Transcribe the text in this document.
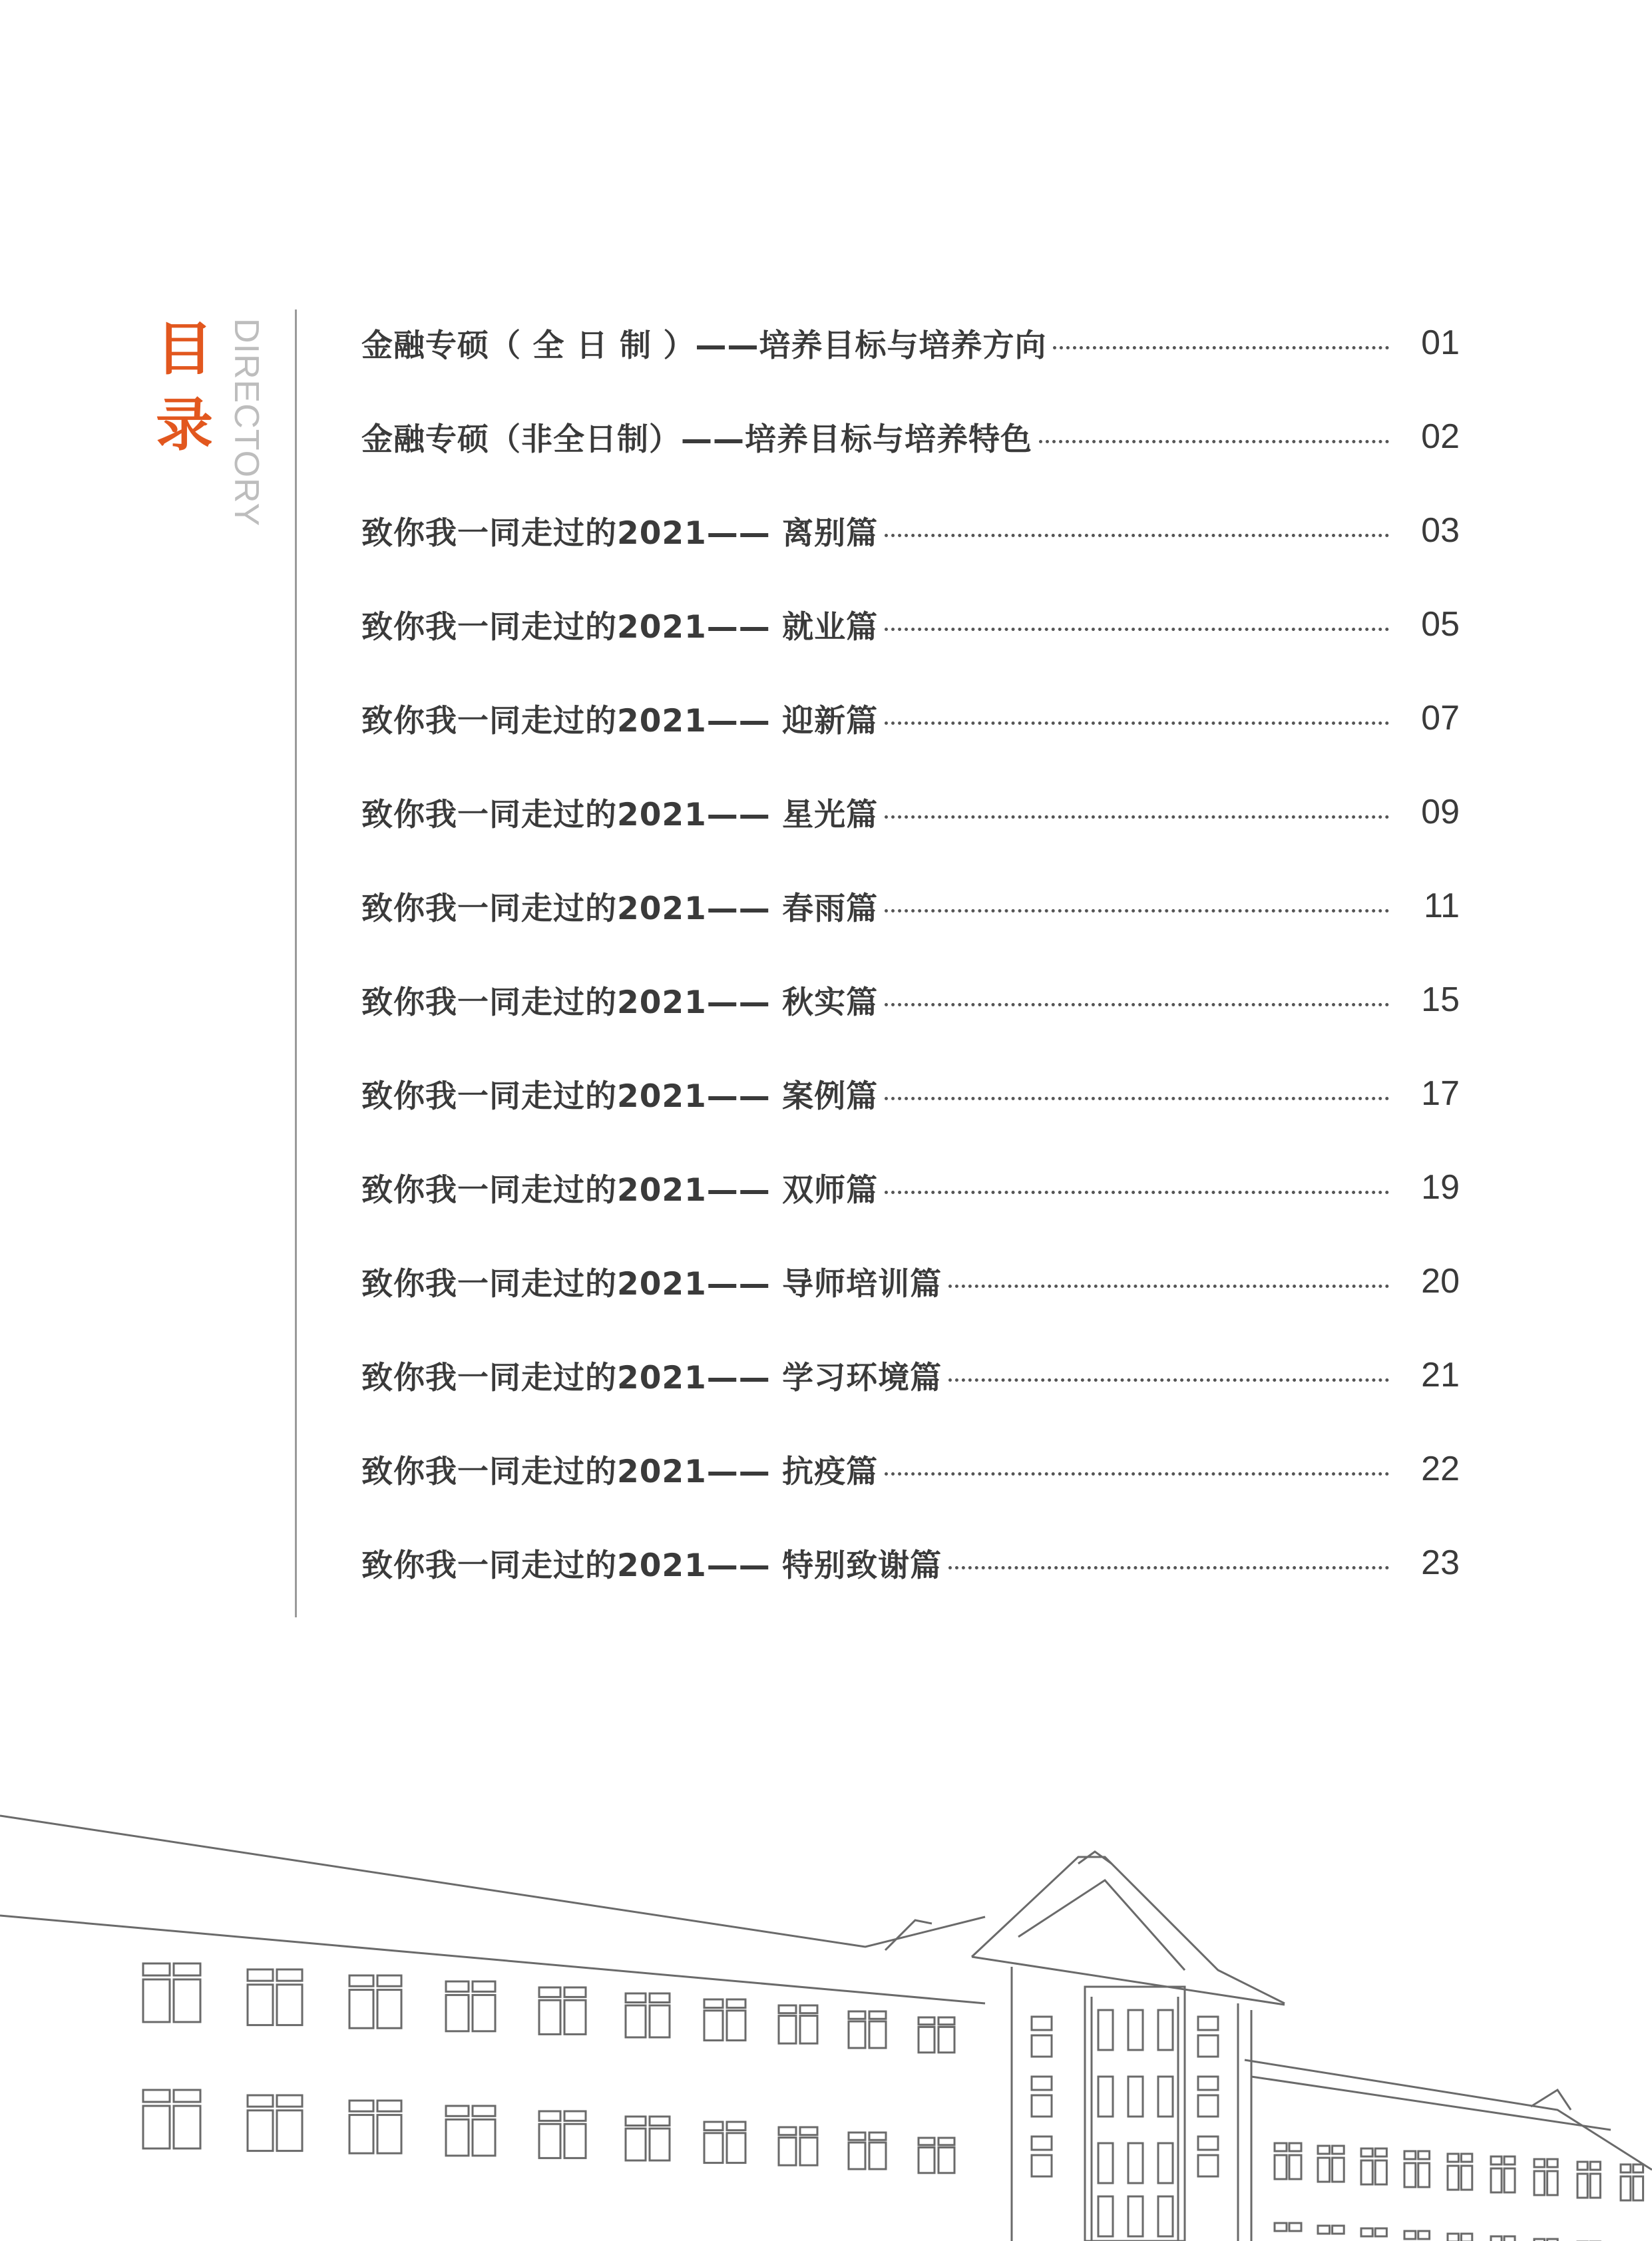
目录 DIRECTORY	金融专硕（ 全 日 制 ）——培养目标与培养方向	01
金融专硕（非全日制）——培养目标与培养特色	02
致你我一同走过的2021—— 离别篇	03
致你我一同走过的2021—— 就业篇	05
致你我一同走过的2021—— 迎新篇	07
致你我一同走过的2021—— 星光篇	09
致你我一同走过的2021—— 春雨篇	11
致你我一同走过的2021—— 秋实篇	15
致你我一同走过的2021—— 案例篇	17
致你我一同走过的2021—— 双师篇	19
致你我一同走过的2021—— 导师培训篇	20
致你我一同走过的2021—— 学习环境篇	21
致你我一同走过的2021—— 抗疫篇	22
致你我一同走过的2021—— 特别致谢篇	23
